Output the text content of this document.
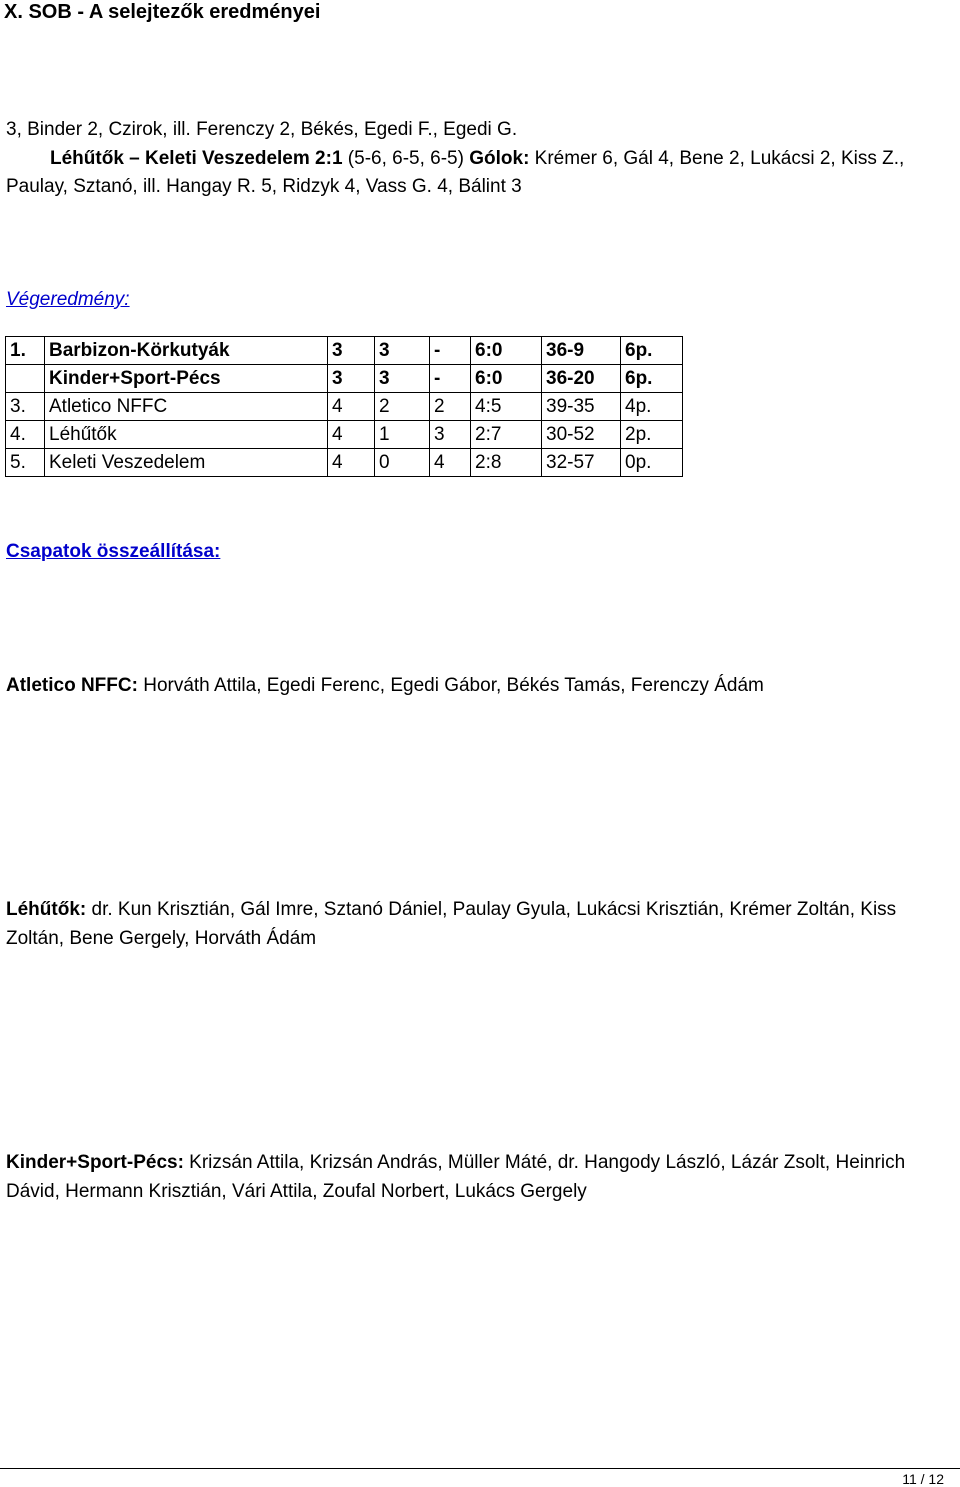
X. SOB - A selejtezők eredményei
3, Binder 2, Czirok, ill. Ferenczy 2, Békés, Egedi F., Egedi G.
Léhűtők – Keleti Veszedelem 2:1 (5-6, 6-5, 6-5) Gólok: Krémer 6, Gál 4, Bene 2, Lukácsi 2, Kiss Z., Paulay, Sztanó, ill. Hangay R. 5, Ridzyk 4, Vass G. 4, Bálint 3
Végeredmény:
1.	Barbizon-Körkutyák	3	3	-	6:0	36-9	6p.
	Kinder+Sport-Pécs	3	3	-	6:0	36-20	6p.
3.	Atletico NFFC	4	2	2	4:5	39-35	4p.
4.	Léhűtők	4	1	3	2:7	30-52	2p.
5.	Keleti Veszedelem	4	0	4	2:8	32-57	0p.
Csapatok összeállítása:
Atletico NFFC: Horváth Attila, Egedi Ferenc, Egedi Gábor, Békés Tamás, Ferenczy Ádám
Léhűtők: dr. Kun Krisztián, Gál Imre, Sztanó Dániel, Paulay Gyula, Lukácsi Krisztián, Krémer Zoltán, Kiss Zoltán, Bene Gergely, Horváth Ádám
Kinder+Sport-Pécs: Krizsán Attila, Krizsán András, Müller Máté, dr. Hangody László, Lázár Zsolt, Heinrich Dávid, Hermann Krisztián, Vári Attila, Zoufal Norbert, Lukács Gergely
11 / 12
